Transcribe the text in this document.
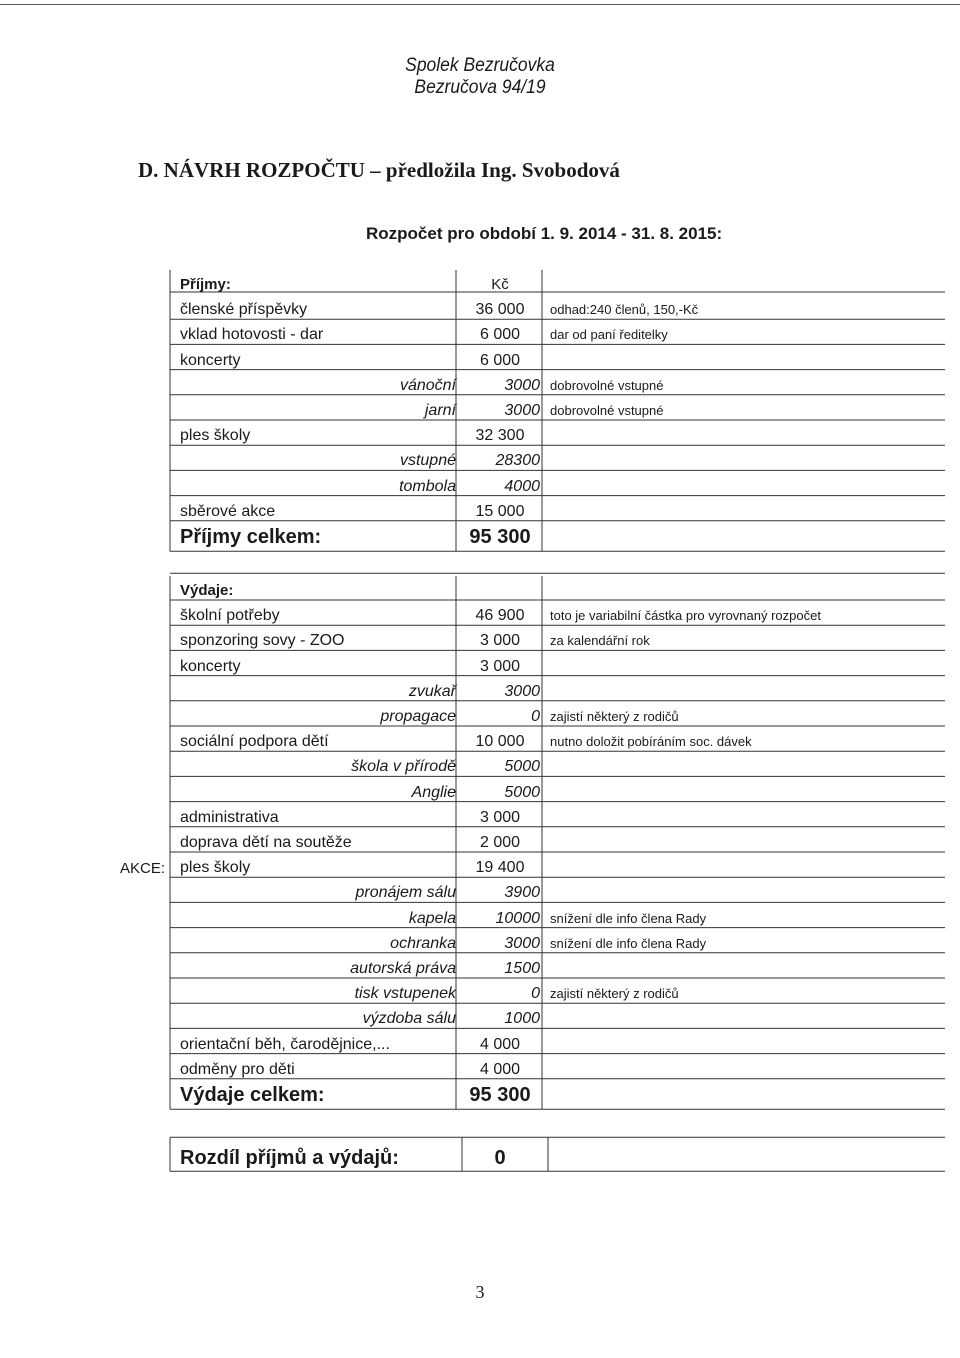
Spolek Bezručovka
Bezručova 94/19

D. NÁVRH ROZPOČTU – předložila Ing. Svobodová

Rozpočet pro období 1. 9. 2014 - 31. 8. 2015:

Příjmy:	Kč
členské příspěvky	36 000	odhad:240 členů, 150,-Kč
vklad hotovosti - dar	6 000	dar od paní ředitelky
koncerty	6 000
vánoční	3000 dobrovolné vstupné
jarní	3000 dobrovolné vstupné
ples školy	32 300
vstupné	28300
tombola	4000
sběrové akce	15 000
Příjmy celkem:	95 300
Výdaje:
školní potřeby	46 900	toto je variabilní částka pro vyrovnaný rozpočet
sponzoring sovy - ZOO	3 000	za kalendářní rok
koncerty	3 000
zvukař	3000
propagace	0 zajistí některý z rodičů
sociální podpora dětí	10 000	nutno doložit pobíráním soc. dávek
škola v přírodě	5000
Anglie	5000
administrativa	3 000
doprava dětí na soutěže	2 000
ples školy	19 400
pronájem sálu	3900
kapela	10000 snížení dle info člena Rady
ochranka	3000 snížení dle info člena Rady
autorská práva	1500
tisk vstupenek	0 zajistí některý z rodičů
výzdoba sálu	1000
orientační běh, čarodějnice,...	4 000
odměny pro děti	4 000
Výdaje celkem:	95 300
Rozdíl příjmů a výdajů:	0
AKCE:
3
